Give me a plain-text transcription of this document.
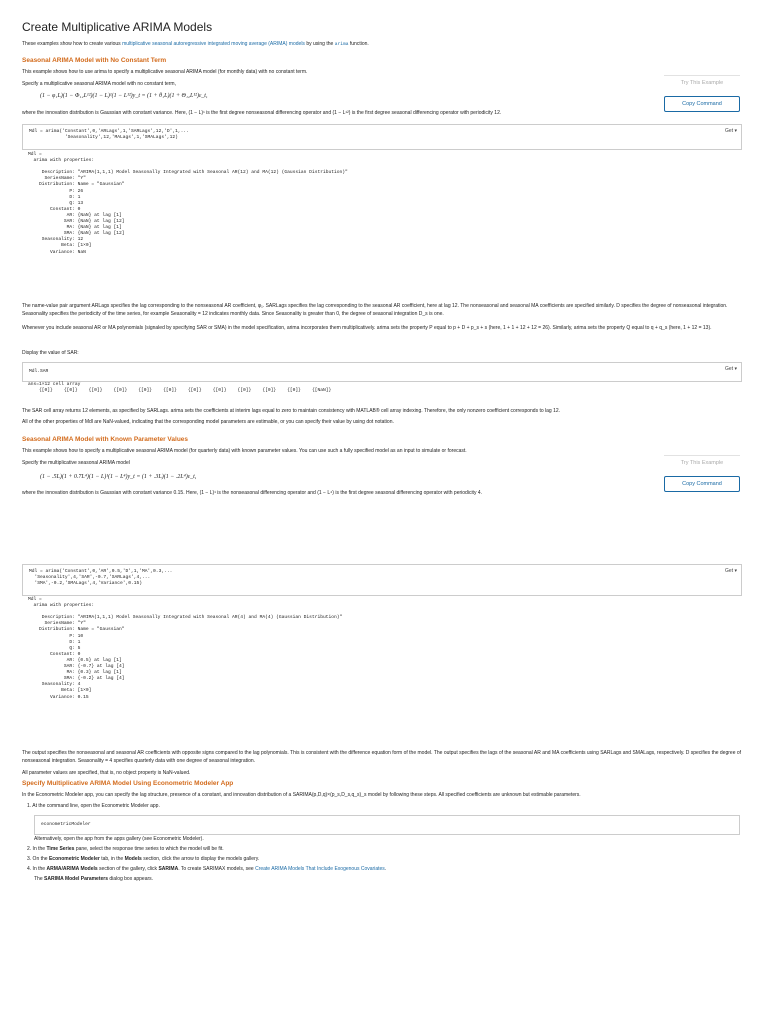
Create Multiplicative ARIMA Models

These examples show how to create various multiplicative seasonal autoregressive integrated moving average (ARIMA) models by using the arima function.

Seasonal ARIMA Model with No Constant Term

This example shows how to use arima to specify a multiplicative seasonal ARIMA model (for monthly data) with no constant term.

Specify a multiplicative seasonal ARIMA model with no constant term,

(1 − φ₁L)(1 − Φ₁₂L¹²)(1 − L)¹(1 − L¹²)y_t = (1 + θ₁L)(1 + Θ₁₂L¹²)ε_t,

where the innovation distribution is Gaussian with constant variance. Here, (1 − L)¹ is the first degree nonseasonal differencing operator and (1 − L¹²) is the first degree seasonal differencing operator with periodicity 12.

Try This Example
Copy Command
Mdl = arima('Constant',0,'ARLags',1,'SARLags',12,'D',1,...
'Seasonality',12,'MALags',1,'SMALags',12)
Get ▾
Mdl =
arima with properties:

Description: "ARIMA(1,1,1) Model Seasonally Integrated with Seasonal AR(12) and MA(12) (Gaussian Distribution)"
SeriesName: "Y"
Distribution: Name = "Gaussian"
P: 26
D: 1
Q: 13
Constant: 0
AR: {NaN} at lag [1]
SAR: {NaN} at lag [12]
MA: {NaN} at lag [1]
SMA: {NaN} at lag [12]
Seasonality: 12
Beta: [1×0]
Variance: NaN

The name-value pair argument ARLags specifies the lag corresponding to the nonseasonal AR coefficient, φ₁. SARLags specifies the lag corresponding to the seasonal AR coefficient, here at lag 12. The nonseasonal and seasonal MA coefficients are specified similarly. D specifies the degree of nonseasonal integration. Seasonality specifies the periodicity of the time series, for example Seasonality = 12 indicates monthly data. Since Seasonality is greater than 0, the degree of seasonal integration D_s is one.

Whenever you include seasonal AR or MA polynomials (signaled by specifying SAR or SMA) in the model specification, arima incorporates them multiplicatively. arima sets the property P equal to p + D + p_s + s (here, 1 + 1 + 12 + 12 = 26). Similarly, arima sets the property Q equal to q + q_s (here, 1 + 12 = 13).

Display the value of SAR:

Mdl.SAR	Get ▾
ans=1×12 cell array
{[0]}    {[0]}    {[0]}    {[0]}    {[0]}    {[0]}    {[0]}    {[0]}    {[0]}    {[0]}    {[0]}    {[NaN]}

The SAR cell array returns 12 elements, as specified by SARLags. arima sets the coefficients at interim lags equal to zero to maintain consistency with MATLAB® cell array indexing. Therefore, the only nonzero coefficient corresponds to lag 12.

All of the other properties of Mdl are NaN-valued, indicating that the corresponding model parameters are estimable, or you can specify their value by using dot notation.

Seasonal ARIMA Model with Known Parameter Values

This example shows how to specify a multiplicative seasonal ARIMA model (for quarterly data) with known parameter values. You can use such a fully specified model as an input to simulate or forecast.

Specify the multiplicative seasonal ARIMA model

(1 − .5L)(1 + 0.7L⁴)(1 − L)¹(1 − L⁴)y_t = (1 + .3L)(1 − .2L⁴)ε_t,

where the innovation distribution is Gaussian with constant variance 0.15. Here, (1 − L)¹ is the nonseasonal differencing operator and (1 − L⁴) is the first degree seasonal differencing operator with periodicity 4.

Try This Example
Copy Command
Mdl = arima('Constant',0,'AR',0.5,'D',1,'MA',0.3,...
'Seasonality',4,'SAR',-0.7,'SARLags',4,...
'SMA',-0.2,'SMALags',4,'Variance',0.15)
Get ▾
Mdl =
arima with properties:

Description: "ARIMA(1,1,1) Model Seasonally Integrated with Seasonal AR(4) and MA(4) (Gaussian Distribution)"
SeriesName: "Y"
Distribution: Name = "Gaussian"
P: 10
D: 1
Q: 5
Constant: 0
AR: {0.5} at lag [1]
SAR: {-0.7} at lag [4]
MA: {0.3} at lag [1]
SMA: {-0.2} at lag [4]
Seasonality: 4
Beta: [1×0]
Variance: 0.15

The output specifies the nonseasonal and seasonal AR coefficients with opposite signs compared to the lag polynomials. This is consistent with the difference equation form of the model. The output specifies the lags of the seasonal AR and MA coefficients using SARLags and SMALags, respectively. D specifies the degree of nonseasonal integration. Seasonality = 4 specifies quarterly data with one degree of seasonal integration.

All parameter values are specified, that is, no object property is NaN-valued.

Specify Multiplicative ARIMA Model Using Econometric Modeler App

In the Econometric Modeler app, you can specify the lag structure, presence of a constant, and innovation distribution of a SARIMA(p,D,q)×(p_s,D_s,q_s)_s model by following these steps. All specified coefficients are unknown but estimable parameters.

1. At the command line, open the Econometric Modeler app.

econometricModeler

Alternatively, open the app from the apps gallery (see Econometric Modeler).

2. In the Time Series pane, select the response time series to which the model will be fit.

3. On the Econometric Modeler tab, in the Models section, click the arrow to display the models gallery.

4. In the ARMA/ARIMA Models section of the gallery, click SARIMA. To create SARIMAX models, see Create ARIMA Models That Include Exogenous Covariates.

The SARIMA Model Parameters dialog box appears.
